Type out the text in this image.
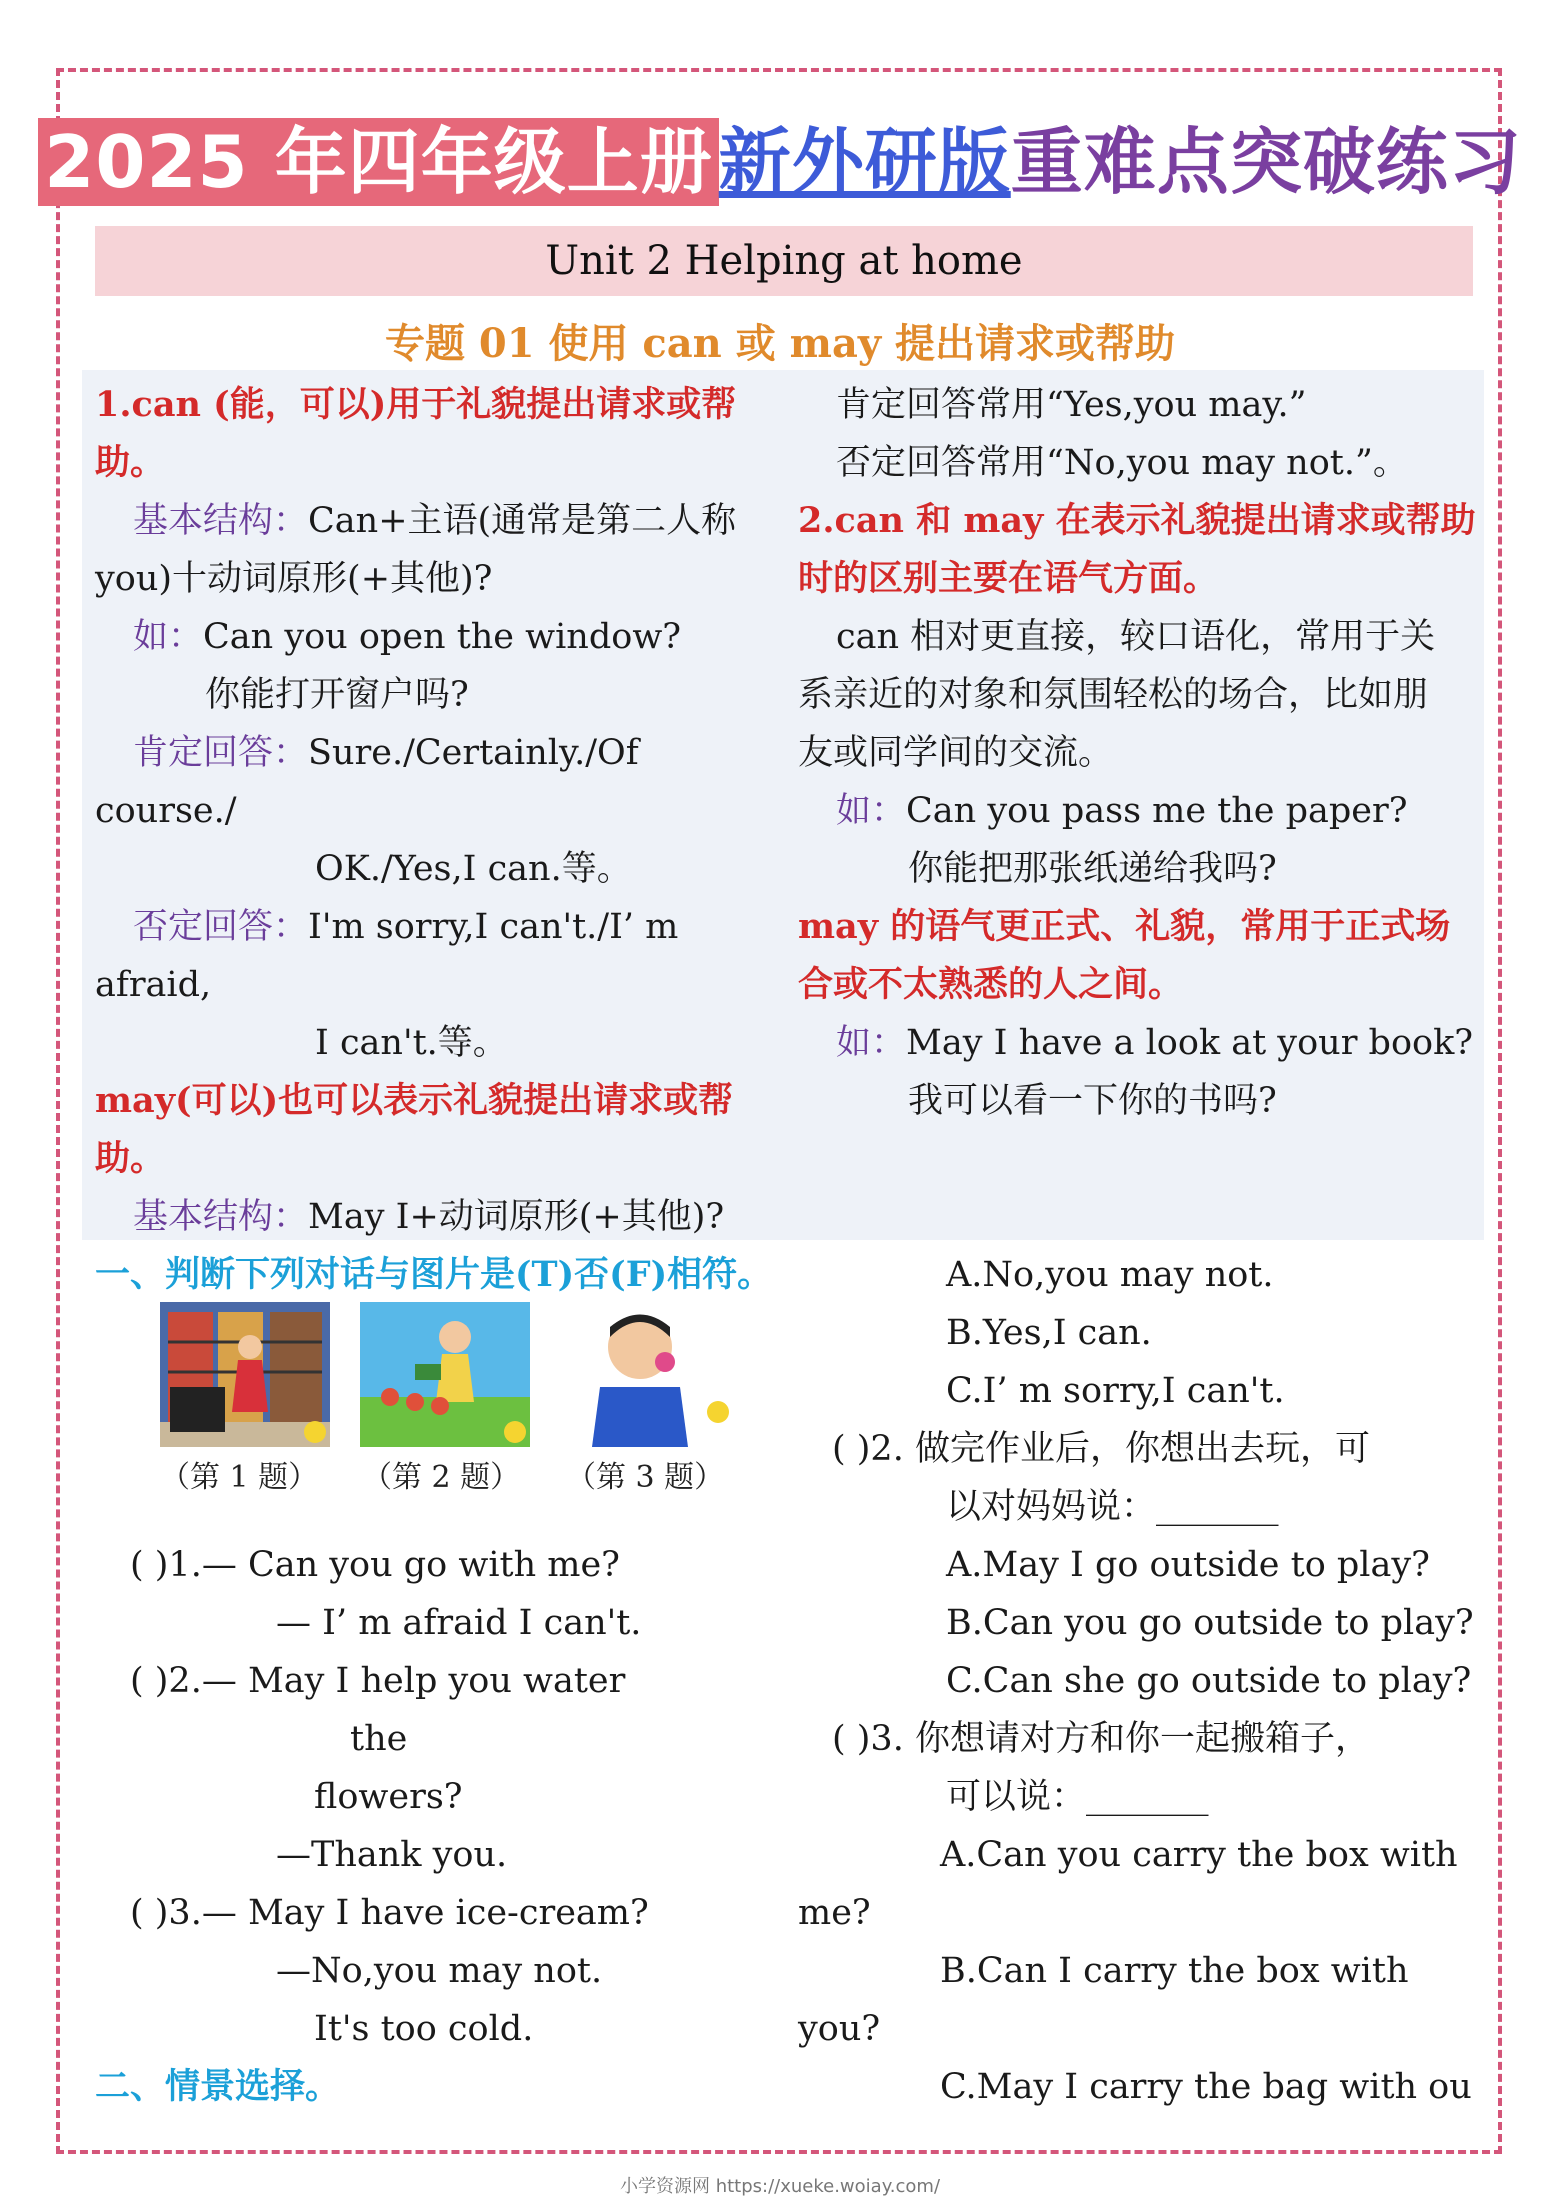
2025 年四年级上册新外研版重难点突破练习
Unit 2 Helping at home
专题 01 使用 can 或 may 提出请求或帮助

1.can (能，可以)用于礼貌提出请求或帮

助。

基本结构：Can+主语(通常是第二人称

you)十动词原形(+其他)?

如：Can you open the window?

你能打开窗户吗?

肯定回答：Sure./Certainly./Of

course./

OK./Yes,I can.等。

否定回答：I'm sorry,I can't./I’ m

afraid,

I can't.等。

may(可以)也可以表示礼貌提出请求或帮

助。

基本结构：May I+动词原形(+其他)?

肯定回答常用“Yes,you may.”

否定回答常用“No,you may not.”。

2.can 和 may 在表示礼貌提出请求或帮助

时的区别主要在语气方面。

can 相对更直接，较口语化，常用于关

系亲近的对象和氛围轻松的场合，比如朋

友或同学间的交流。

如：Can you pass me the paper?

你能把那张纸递给我吗?

may 的语气更正式、礼貌，常用于正式场

合或不太熟悉的人之间。

如：May I have a look at your book?

我可以看一下你的书吗?

一、判断下列对话与图片是(T)否(F)相符。

（第 1 题） （第 2 题） （第 3 题）

( )1.— Can you go with me?

— I’ m afraid I can't.

( )2.— May I help you water

the

flowers?

—Thank you.

( )3.— May I have ice-cream?

—No,you may not.

It's too cold.

二、情景选择。

A.No,you may not.

B.Yes,I can.

C.I’ m sorry,I can't.

( )2. 做完作业后，你想出去玩，可

以对妈妈说：_______

A.May I go outside to play?

B.Can you go outside to play?

C.Can she go outside to play?

( )3. 你想请对方和你一起搬箱子，

可以说：_______

A.Can you carry the box with

me?

B.Can I carry the box with

you?

C.May I carry the bag with ou

小学资源网 https://xueke.woiay.com/
